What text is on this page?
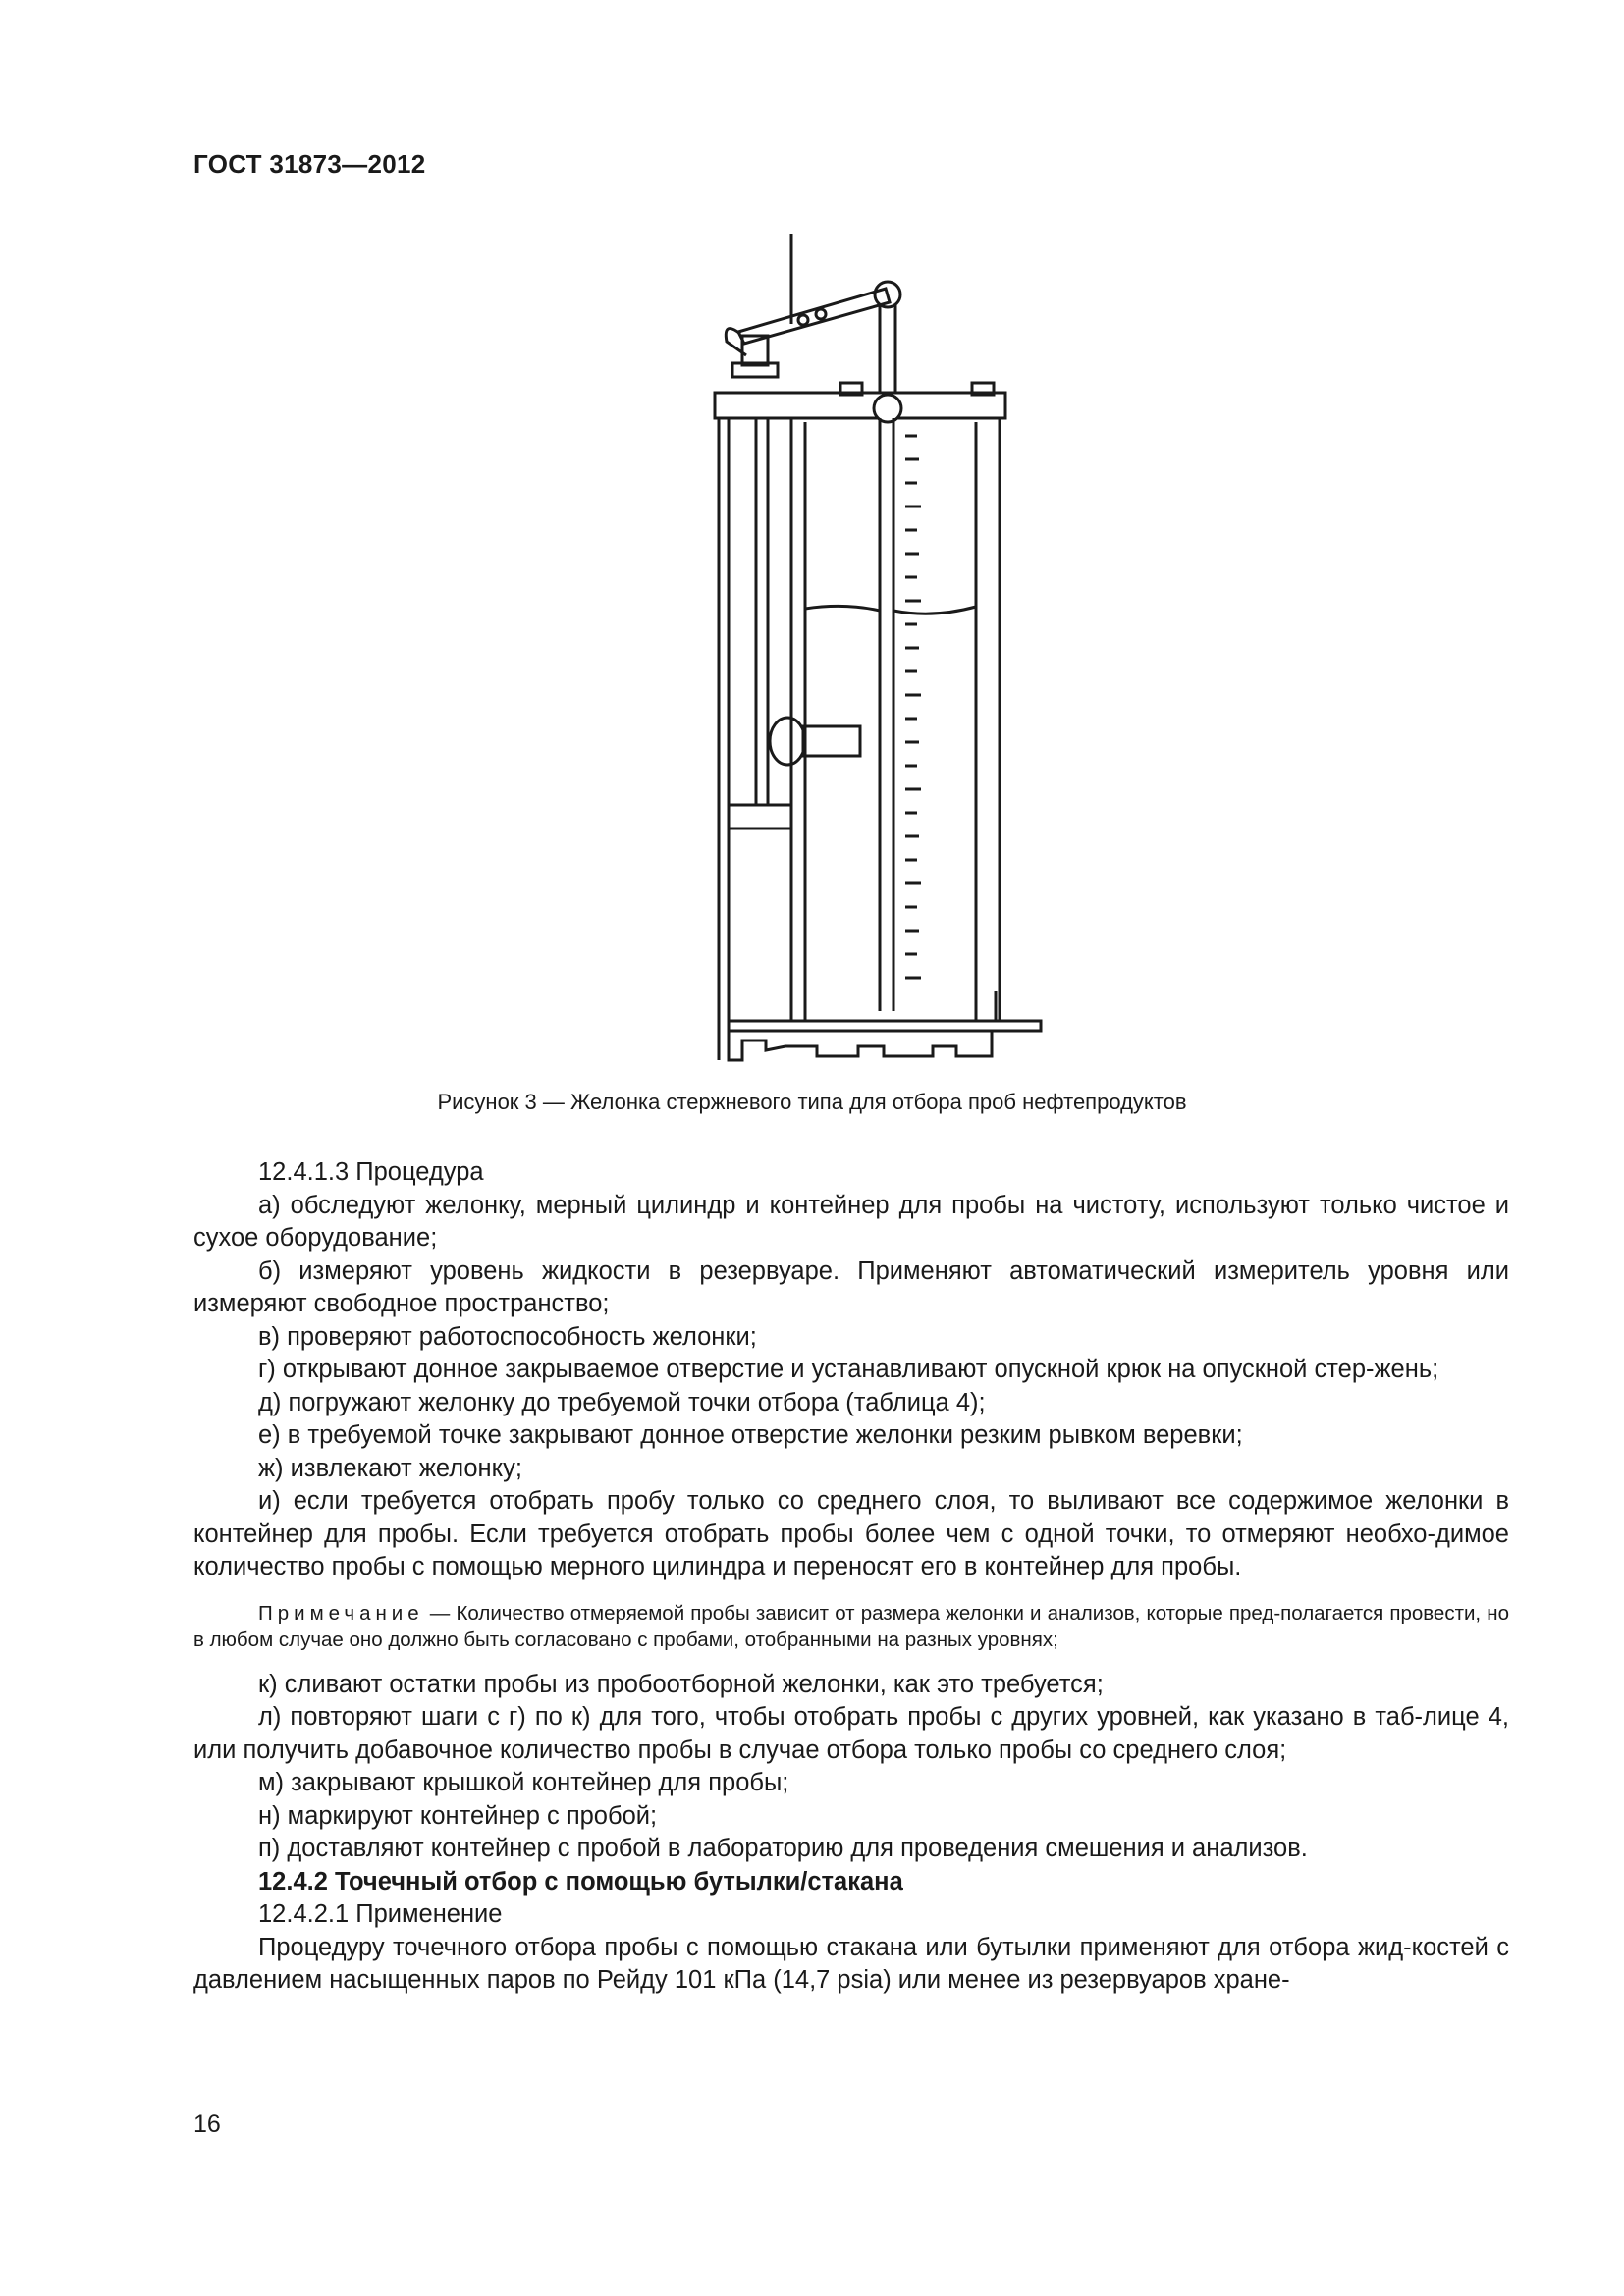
ГОСТ 31873—2012
Рисунок 3 — Желонка стержневого типа для отбора проб нефтепродуктов

12.4.1.3 Процедура

а) обследуют желонку, мерный цилиндр и контейнер для пробы на чистоту, используют только чистое и сухое оборудование;

б) измеряют уровень жидкости в резервуаре. Применяют автоматический измеритель уровня или измеряют свободное пространство;

в) проверяют работоспособность желонки;

г) открывают донное закрываемое отверстие и устанавливают опускной крюк на опускной стер-жень;

д) погружают желонку до требуемой точки отбора (таблица 4);

е) в требуемой точке закрывают донное отверстие желонки резким рывком веревки;

ж) извлекают желонку;

и) если требуется отобрать пробу только со среднего слоя, то выливают все содержимое желонки в контейнер для пробы. Если требуется отобрать пробы более чем с одной точки, то отмеряют необхо-димое количество пробы с помощью мерного цилиндра и переносят его в контейнер для пробы.

Примечание — Количество отмеряемой пробы зависит от размера желонки и анализов, которые пред-полагается провести, но в любом случае оно должно быть согласовано с пробами, отобранными на разных уровнях;

к) сливают остатки пробы из пробоотборной желонки, как это требуется;

л) повторяют шаги с г) по к) для того, чтобы отобрать пробы с других уровней, как указано в таб-лице 4, или получить добавочное количество пробы в случае отбора только пробы со среднего слоя;

м) закрывают крышкой контейнер для пробы;

н) маркируют контейнер с пробой;

п) доставляют контейнер с пробой в лабораторию для проведения смешения и анализов.

12.4.2 Точечный отбор с помощью бутылки/стакана

12.4.2.1 Применение

Процедуру точечного отбора пробы с помощью стакана или бутылки применяют для отбора жид-костей с давлением насыщенных паров по Рейду 101 кПа (14,7 psia) или менее из резервуаров хране-

16
